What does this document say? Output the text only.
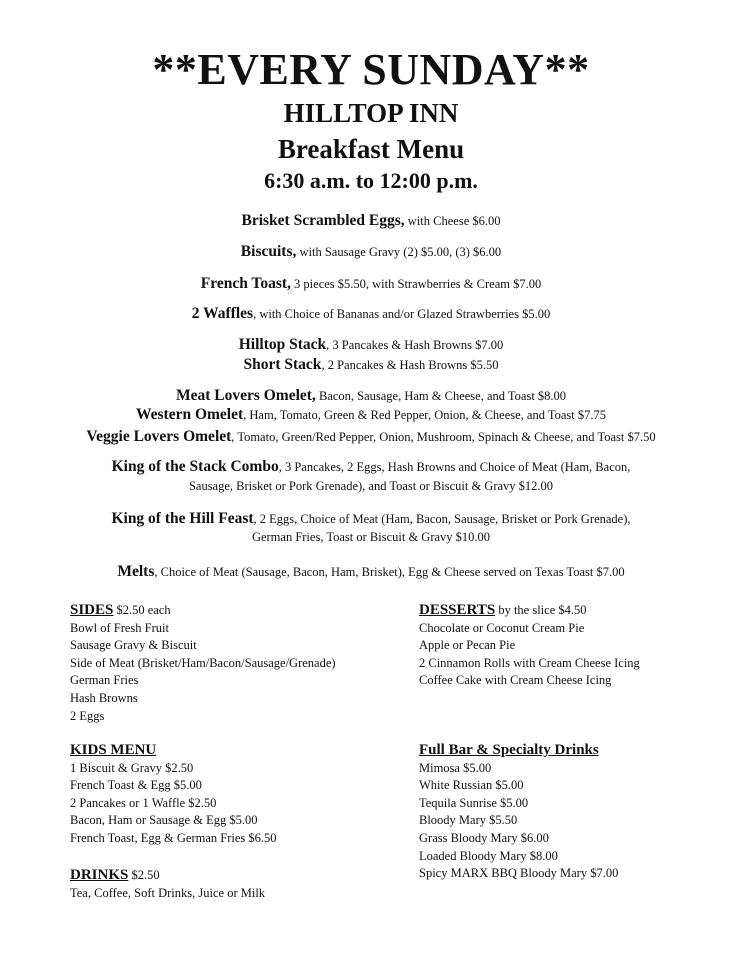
**EVERY SUNDAY**
HILLTOP INN
Breakfast Menu
6:30 a.m. to 12:00 p.m.
Brisket Scrambled Eggs, with Cheese $6.00
Biscuits, with Sausage Gravy (2) $5.00, (3) $6.00
French Toast, 3 pieces $5.50, with Strawberries & Cream $7.00
2 Waffles, with Choice of Bananas and/or Glazed Strawberries $5.00
Hilltop Stack, 3 Pancakes & Hash Browns $7.00
Short Stack, 2 Pancakes & Hash Browns $5.50
Meat Lovers Omelet, Bacon, Sausage, Ham & Cheese, and Toast $8.00
Western Omelet, Ham, Tomato, Green & Red Pepper, Onion, & Cheese, and Toast $7.75
Veggie Lovers Omelet, Tomato, Green/Red Pepper, Onion, Mushroom, Spinach & Cheese, and Toast $7.50
King of the Stack Combo, 3 Pancakes, 2 Eggs, Hash Browns and Choice of Meat (Ham, Bacon,
Sausage, Brisket or Pork Grenade), and Toast or Biscuit & Gravy $12.00
King of the Hill Feast, 2 Eggs, Choice of Meat (Ham, Bacon, Sausage, Brisket or Pork Grenade),
German Fries, Toast or Biscuit & Gravy $10.00
Melts, Choice of Meat (Sausage, Bacon, Ham, Brisket), Egg & Cheese served on Texas Toast $7.00
SIDES $2.50 each
Bowl of Fresh Fruit
Sausage Gravy & Biscuit
Side of Meat (Brisket/Ham/Bacon/Sausage/Grenade)
German Fries
Hash Browns
2 Eggs
DESSERTS by the slice $4.50
Chocolate or Coconut Cream Pie
Apple or Pecan Pie
2 Cinnamon Rolls with Cream Cheese Icing
Coffee Cake with Cream Cheese Icing
KIDS MENU
1 Biscuit & Gravy $2.50
French Toast & Egg $5.00
2 Pancakes or 1 Waffle $2.50
Bacon, Ham or Sausage & Egg $5.00
French Toast, Egg & German Fries $6.50
Full Bar & Specialty Drinks
Mimosa $5.00
White Russian $5.00
Tequila Sunrise $5.00
Bloody Mary $5.50
Grass Bloody Mary $6.00
Loaded Bloody Mary $8.00
Spicy MARX BBQ Bloody Mary $7.00
DRINKS $2.50
Tea, Coffee, Soft Drinks, Juice or Milk
